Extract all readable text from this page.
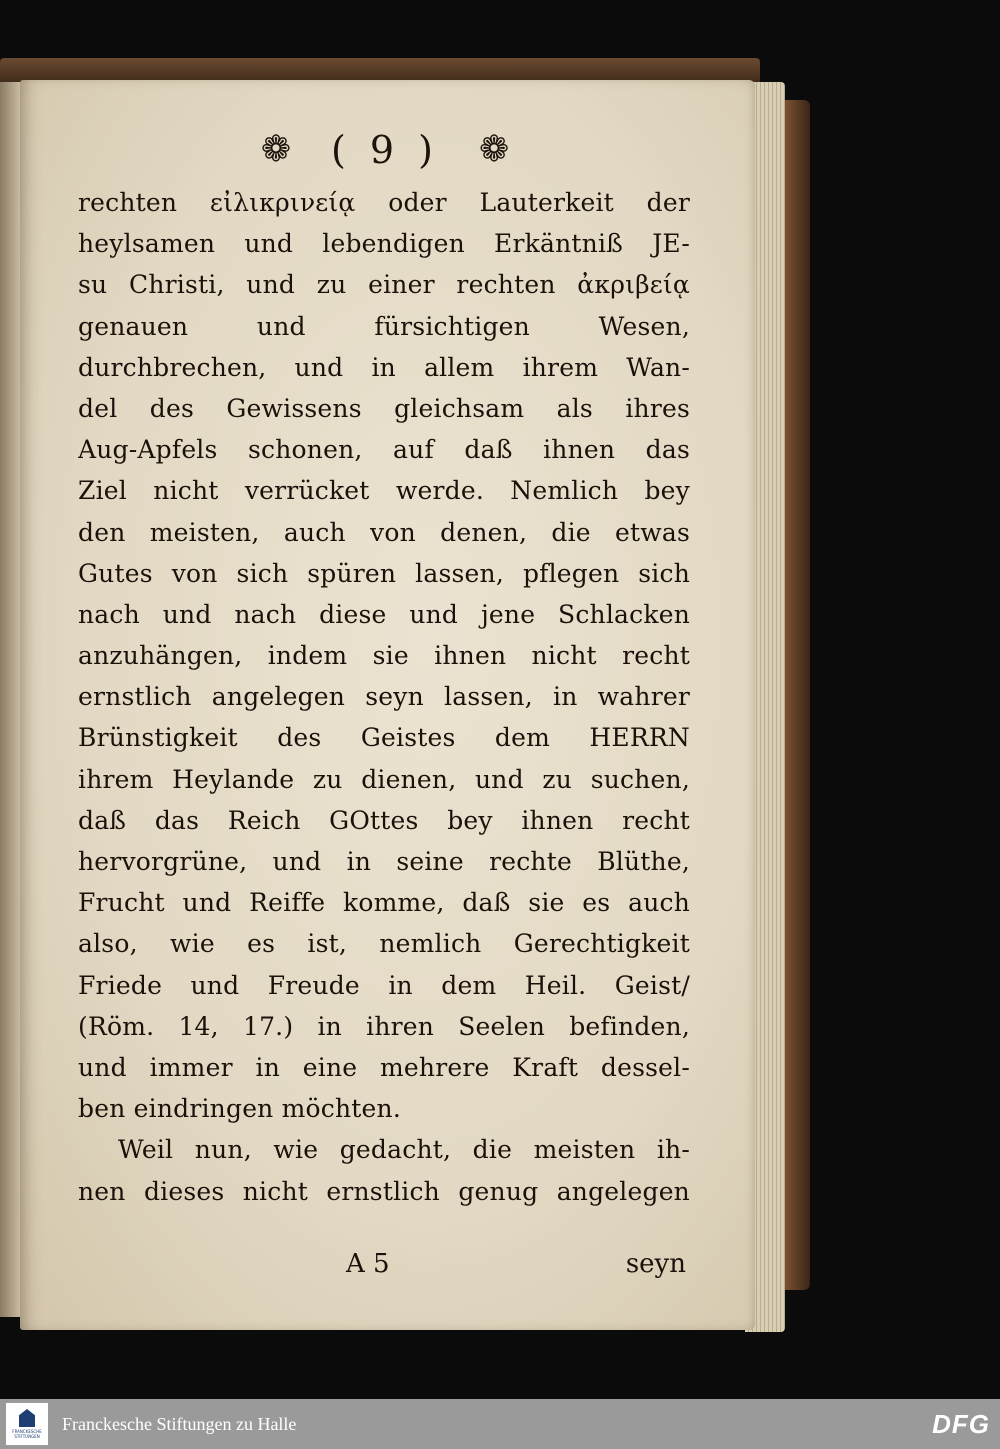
❁ ( 9 ) ❁
rechten εἰλικρινείᾳ oder Lauterkeit der
heylsamen und lebendigen Erkäntniß JE-
su Christi, und zu einer rechten ἀκριβείᾳ
genauen und fürsichtigen Wesen,
durchbrechen, und in allem ihrem Wan-
del des Gewissens gleichsam als ihres
Aug-Apfels schonen, auf daß ihnen das
Ziel nicht verrücket werde. Nemlich bey
den meisten, auch von denen, die etwas
Gutes von sich spüren lassen, pflegen sich
nach und nach diese und jene Schlacken
anzuhängen, indem sie ihnen nicht recht
ernstlich angelegen seyn lassen, in wahrer
Brünstigkeit des Geistes dem HERRN
ihrem Heylande zu dienen, und zu suchen,
daß das Reich GOttes bey ihnen recht
hervorgrüne, und in seine rechte Blüthe,
Frucht und Reiffe komme, daß sie es auch
also, wie es ist, nemlich Gerechtigkeit
Friede und Freude in dem Heil. Geist/
(Röm. 14, 17.) in ihren Seelen befinden,
und immer in eine mehrere Kraft dessel-
ben eindringen möchten.
Weil nun, wie gedacht, die meisten ih-
nen dieses nicht ernstlich genug angelegen
A 5	seyn
FRANCKESCHE STIFTUNGEN
Franckesche Stiftungen zu Halle	DFG
